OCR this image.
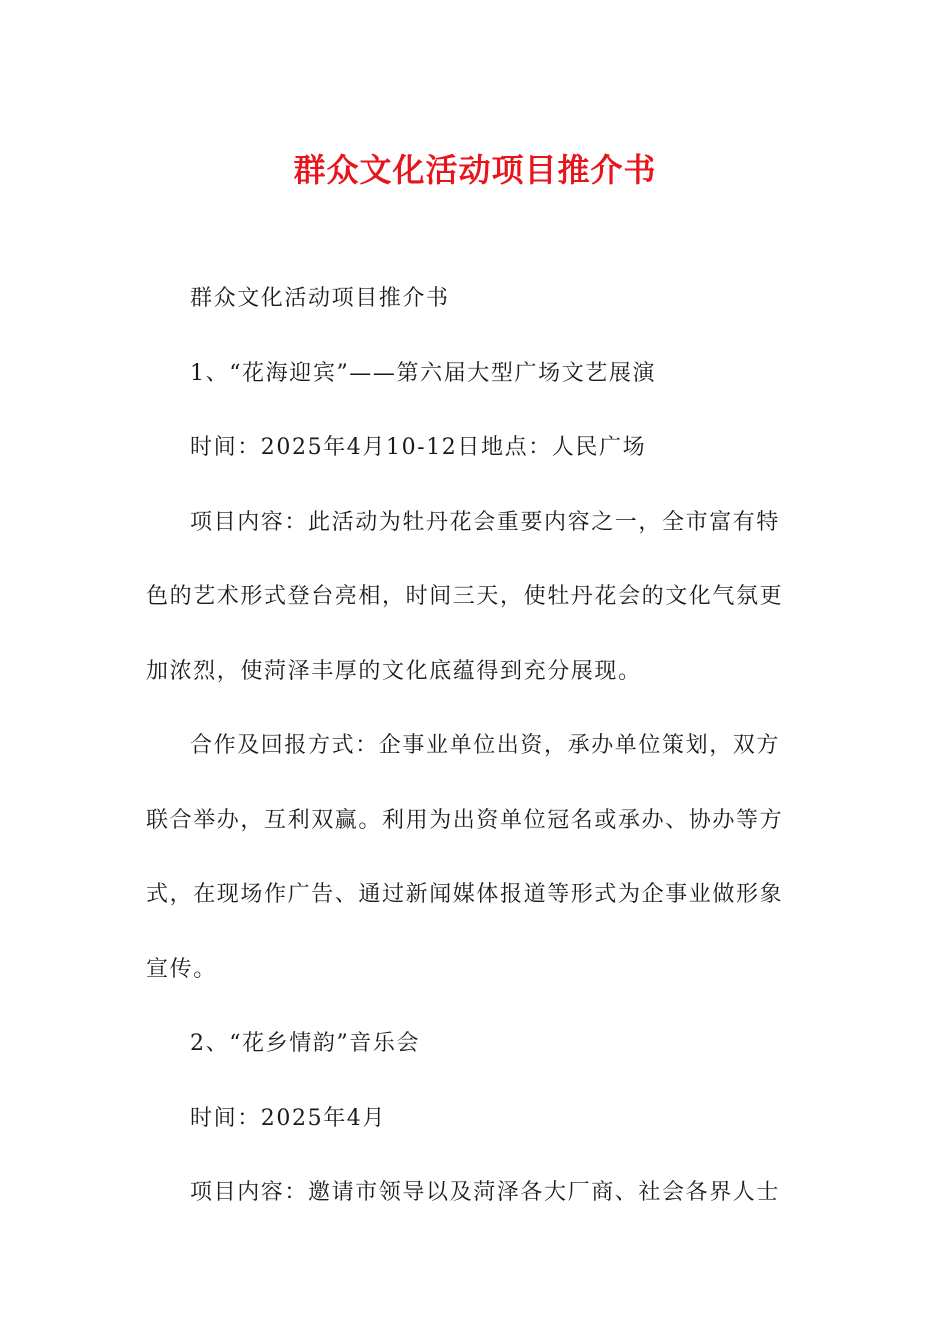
群众文化活动项目推介书

群众文化活动项目推介书

1、“花海迎宾”——第六届大型广场文艺展演

时间：2025年4月10-12日地点：人民广场

项目内容：此活动为牡丹花会重要内容之一，全市富有特色的艺术形式登台亮相，时间三天，使牡丹花会的文化气氛更加浓烈，使菏泽丰厚的文化底蕴得到充分展现。

合作及回报方式：企事业单位出资，承办单位策划，双方联合举办，互利双赢。利用为出资单位冠名或承办、协办等方式，在现场作广告、通过新闻媒体报道等形式为企事业做形象宣传。

2、“花乡情韵”音乐会

时间：2025年4月

项目内容：邀请市领导以及菏泽各大厂商、社会各界人士
